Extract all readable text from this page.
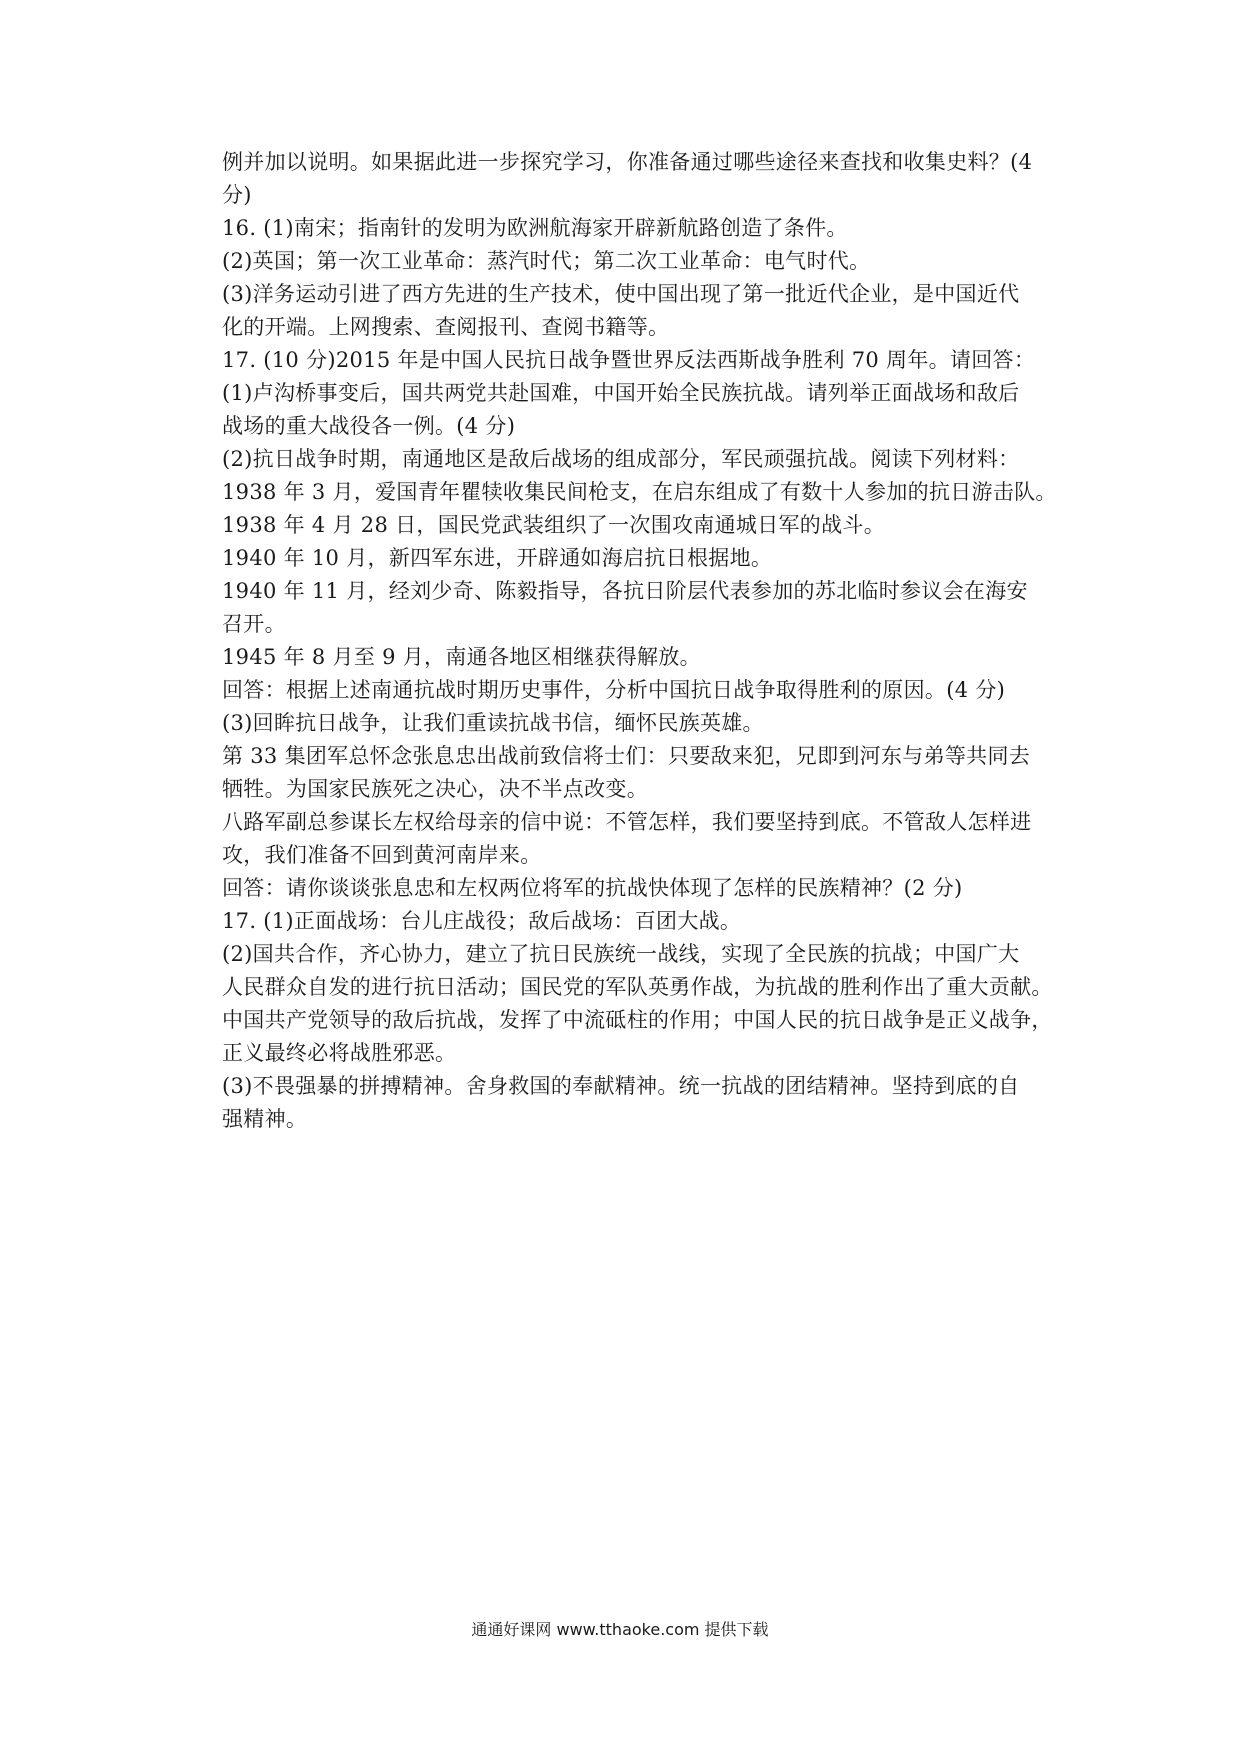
例并加以说明。如果据此进一步探究学习，你准备通过哪些途径来查找和收集史料？(4
分)
16. (1)南宋；指南针的发明为欧洲航海家开辟新航路创造了条件。
(2)英国；第一次工业革命：蒸汽时代；第二次工业革命：电气时代。
(3)洋务运动引进了西方先进的生产技术，使中国出现了第一批近代企业，是中国近代
化的开端。上网搜索、查阅报刊、查阅书籍等。
17. (10 分)2015 年是中国人民抗日战争暨世界反法西斯战争胜利 70 周年。请回答：
(1)卢沟桥事变后，国共两党共赴国难，中国开始全民族抗战。请列举正面战场和敌后
战场的重大战役各一例。(4 分)
(2)抗日战争时期，南通地区是敌后战场的组成部分，军民顽强抗战。阅读下列材料：
1938 年 3 月，爱国青年瞿犊收集民间枪支，在启东组成了有数十人参加的抗日游击队。
1938 年 4 月 28 日，国民党武装组织了一次围攻南通城日军的战斗。
1940 年 10 月，新四军东进，开辟通如海启抗日根据地。
1940 年 11 月，经刘少奇、陈毅指导，各抗日阶层代表参加的苏北临时参议会在海安
召开。
1945 年 8 月至 9 月，南通各地区相继获得解放。
回答：根据上述南通抗战时期历史事件，分析中国抗日战争取得胜利的原因。(4 分)
(3)回眸抗日战争，让我们重读抗战书信，缅怀民族英雄。
第 33 集团军总怀念张息忠出战前致信将士们：只要敌来犯，兄即到河东与弟等共同去
牺牲。为国家民族死之决心，决不半点改变。
八路军副总参谋长左权给母亲的信中说：不管怎样，我们要坚持到底。不管敌人怎样进
攻，我们准备不回到黄河南岸来。
回答：请你谈谈张息忠和左权两位将军的抗战快体现了怎样的民族精神？(2 分)
17. (1)正面战场：台儿庄战役；敌后战场：百团大战。
(2)国共合作，齐心协力，建立了抗日民族统一战线，实现了全民族的抗战；中国广大
人民群众自发的进行抗日活动；国民党的军队英勇作战，为抗战的胜利作出了重大贡献。
中国共产党领导的敌后抗战，发挥了中流砥柱的作用；中国人民的抗日战争是正义战争，
正义最终必将战胜邪恶。
(3)不畏强暴的拼搏精神。舍身救国的奉献精神。统一抗战的团结精神。坚持到底的自
强精神。
通通好课网 www.tthaoke.com 提供下载
